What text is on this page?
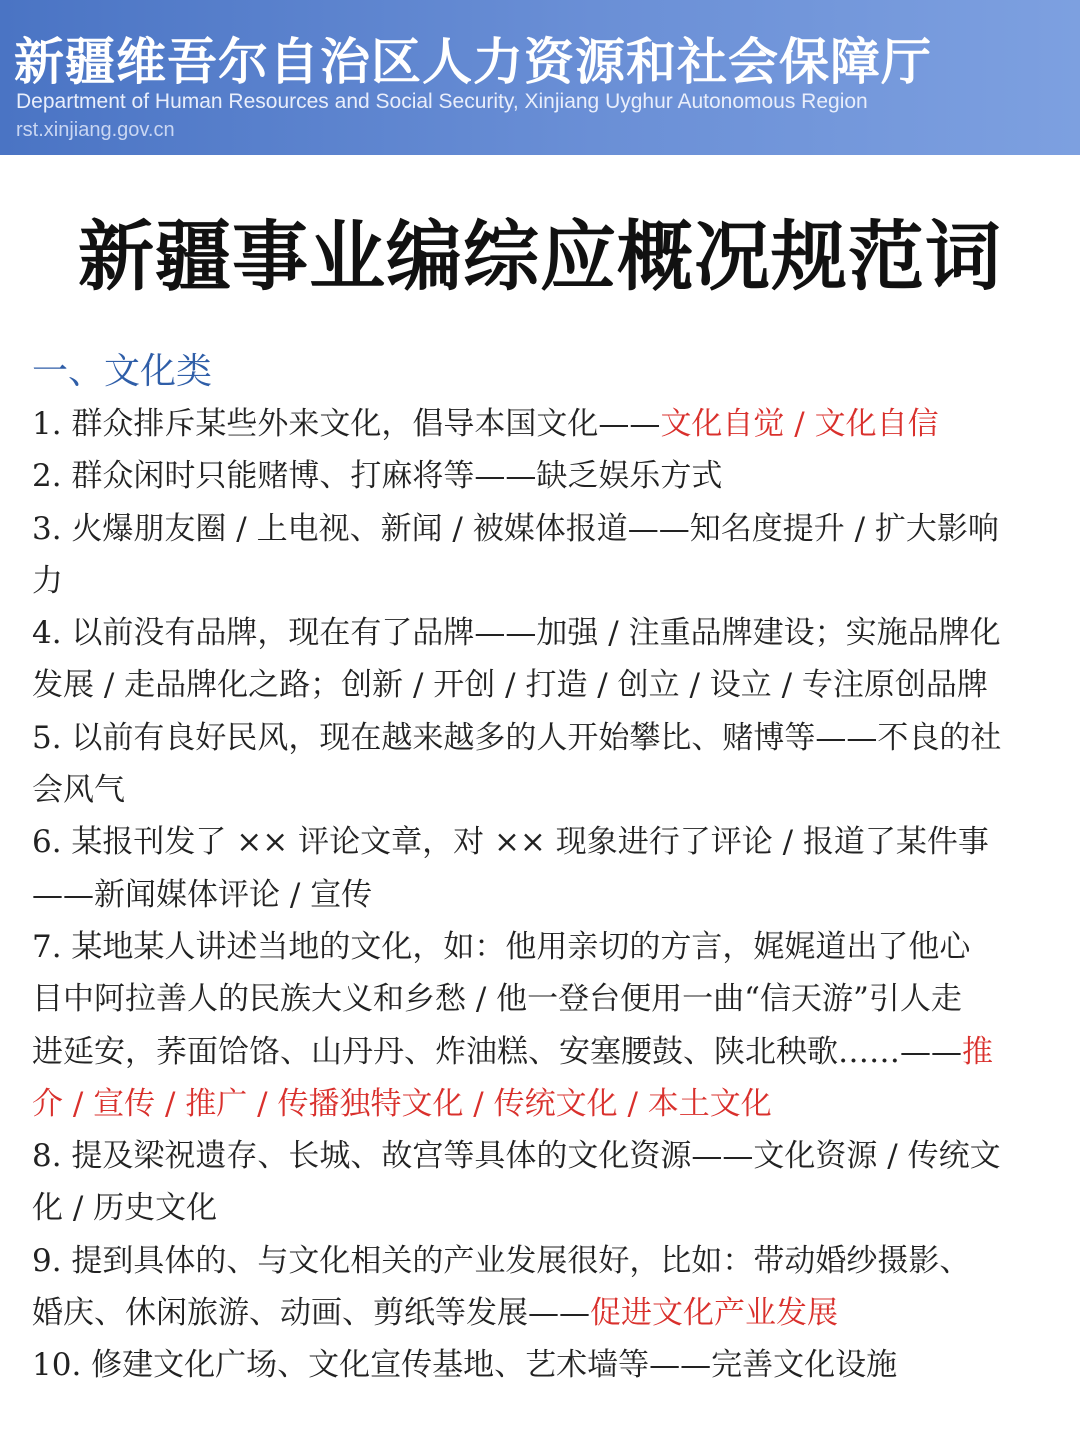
新疆维吾尔自治区人力资源和社会保障厅
Department of Human Resources and Social Security, Xinjiang Uyghur Autonomous Region
rst.xinjiang.gov.cn
新疆事业编综应概况规范词
一、文化类
1. 群众排斥某些外来文化，倡导本国文化——文化自觉 / 文化自信
2. 群众闲时只能赌博、打麻将等——缺乏娱乐方式
3. 火爆朋友圈 / 上电视、新闻 / 被媒体报道——知名度提升 / 扩大影响
力
4. 以前没有品牌，现在有了品牌——加强 / 注重品牌建设；实施品牌化
发展 / 走品牌化之路；创新 / 开创 / 打造 / 创立 / 设立 / 专注原创品牌
5. 以前有良好民风，现在越来越多的人开始攀比、赌博等——不良的社
会风气
6. 某报刊发了 ×× 评论文章，对 ×× 现象进行了评论 / 报道了某件事
——新闻媒体评论 / 宣传
7. 某地某人讲述当地的文化，如：他用亲切的方言，娓娓道出了他心
目中阿拉善人的民族大义和乡愁 / 他一登台便用一曲“信天游”引人走
进延安，荞面饸饹、山丹丹、炸油糕、安塞腰鼓、陕北秧歌……——推
介 / 宣传 / 推广 / 传播独特文化 / 传统文化 / 本土文化
8. 提及梁祝遗存、长城、故宫等具体的文化资源——文化资源 / 传统文
化 / 历史文化
9. 提到具体的、与文化相关的产业发展很好，比如：带动婚纱摄影、
婚庆、休闲旅游、动画、剪纸等发展——促进文化产业发展
10. 修建文化广场、文化宣传基地、艺术墙等——完善文化设施
